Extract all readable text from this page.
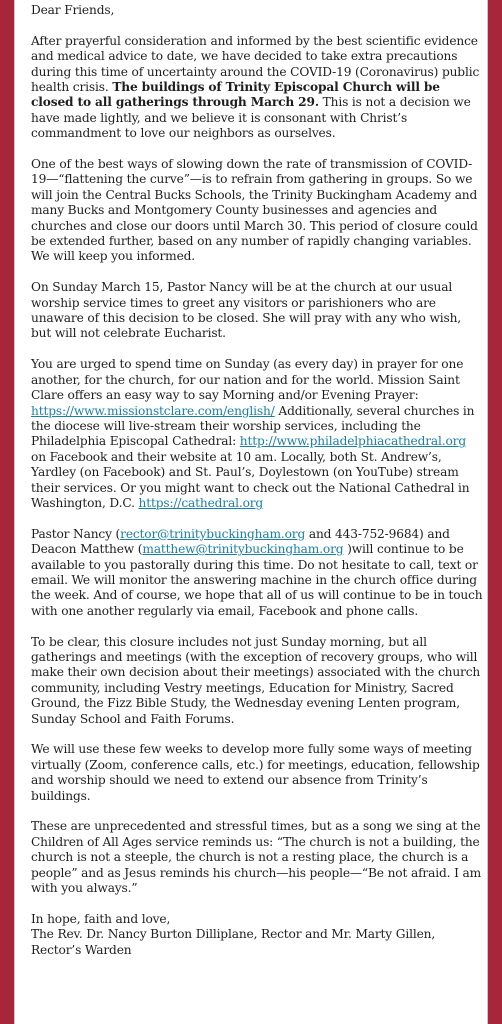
Dear Friends,

After prayerful consideration and informed by the best scientific evidence and medical advice to date, we have decided to take extra precautions during this time of uncertainty around the COVID-19 (Coronavirus) public health crisis. The buildings of Trinity Episcopal Church will be closed to all gatherings through March 29. This is not a decision we have made lightly, and we believe it is consonant with Christ’s commandment to love our neighbors as ourselves.

One of the best ways of slowing down the rate of transmission of COVID-19—“flattening the curve”—is to refrain from gathering in groups. So we will join the Central Bucks Schools, the Trinity Buckingham Academy and many Bucks and Montgomery County businesses and agencies and churches and close our doors until March 30. This period of closure could be extended further, based on any number of rapidly changing variables. We will keep you informed.

On Sunday March 15, Pastor Nancy will be at the church at our usual worship service times to greet any visitors or parishioners who are unaware of this decision to be closed. She will pray with any who wish, but will not celebrate Eucharist.

You are urged to spend time on Sunday (as every day) in prayer for one another, for the church, for our nation and for the world. Mission Saint Clare offers an easy way to say Morning and/or Evening Prayer: https://www.missionstclare.com/english/ Additionally, several churches in the diocese will live-stream their worship services, including the Philadelphia Episcopal Cathedral: http://www.philadelphiacathedral.org on Facebook and their website at 10 am. Locally, both St. Andrew’s, Yardley (on Facebook) and St. Paul’s, Doylestown (on YouTube) stream their services. Or you might want to check out the National Cathedral in Washington, D.C. https://cathedral.org

Pastor Nancy (rector@trinitybuckingham.org and 443-752-9684) and Deacon Matthew (matthew@trinitybuckingham.org )will continue to be available to you pastorally during this time. Do not hesitate to call, text or email. We will monitor the answering machine in the church office during the week. And of course, we hope that all of us will continue to be in touch with one another regularly via email, Facebook and phone calls.

To be clear, this closure includes not just Sunday morning, but all gatherings and meetings (with the exception of recovery groups, who will make their own decision about their meetings) associated with the church community, including Vestry meetings, Education for Ministry, Sacred Ground, the Fizz Bible Study, the Wednesday evening Lenten program, Sunday School and Faith Forums.

We will use these few weeks to develop more fully some ways of meeting virtually (Zoom, conference calls, etc.) for meetings, education, fellowship and worship should we need to extend our absence from Trinity’s buildings.

These are unprecedented and stressful times, but as a song we sing at the Children of All Ages service reminds us: “The church is not a building, the church is not a steeple, the church is not a resting place, the church is a people” and as Jesus reminds his church—his people—“Be not afraid. I am with you always.”

In hope, faith and love,
The Rev. Dr. Nancy Burton Dilliplane, Rector and Mr. Marty Gillen, Rector’s Warden
